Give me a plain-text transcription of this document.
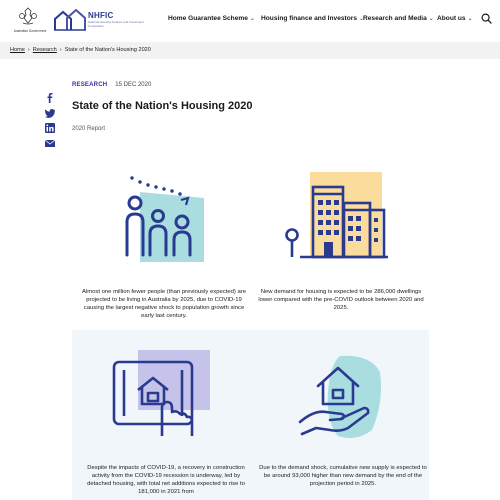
Australian Government
NHFIC
National Housing Finance and Investment Corporation
Home Guarantee Scheme ⌄ Housing finance and Investors ⌄
Research and Media ⌄ About us ⌄
Home › Research › State of the Nation's Housing 2020
RESEARCH 15 DEC 2020
State of the Nation's Housing 2020
2020 Report
Almost one million fewer people (than previously expected) are projected to be living in Australia by 2025, due to COVID-19 causing the largest negative shock to population growth since early last century.
New demand for housing is expected to be 286,000 dwellings lower compared with the pre-COVID outlook between 2020 and 2025.
Despite the impacts of COVID-19, a recovery in construction activity from the COVID-19 recession is underway, led by detached housing, with total net additions expected to rise to 181,000 in 2021 from
Due to the demand shock, cumulative new supply is expected to be around 93,000 higher than new demand by the end of the projection period in 2025.
